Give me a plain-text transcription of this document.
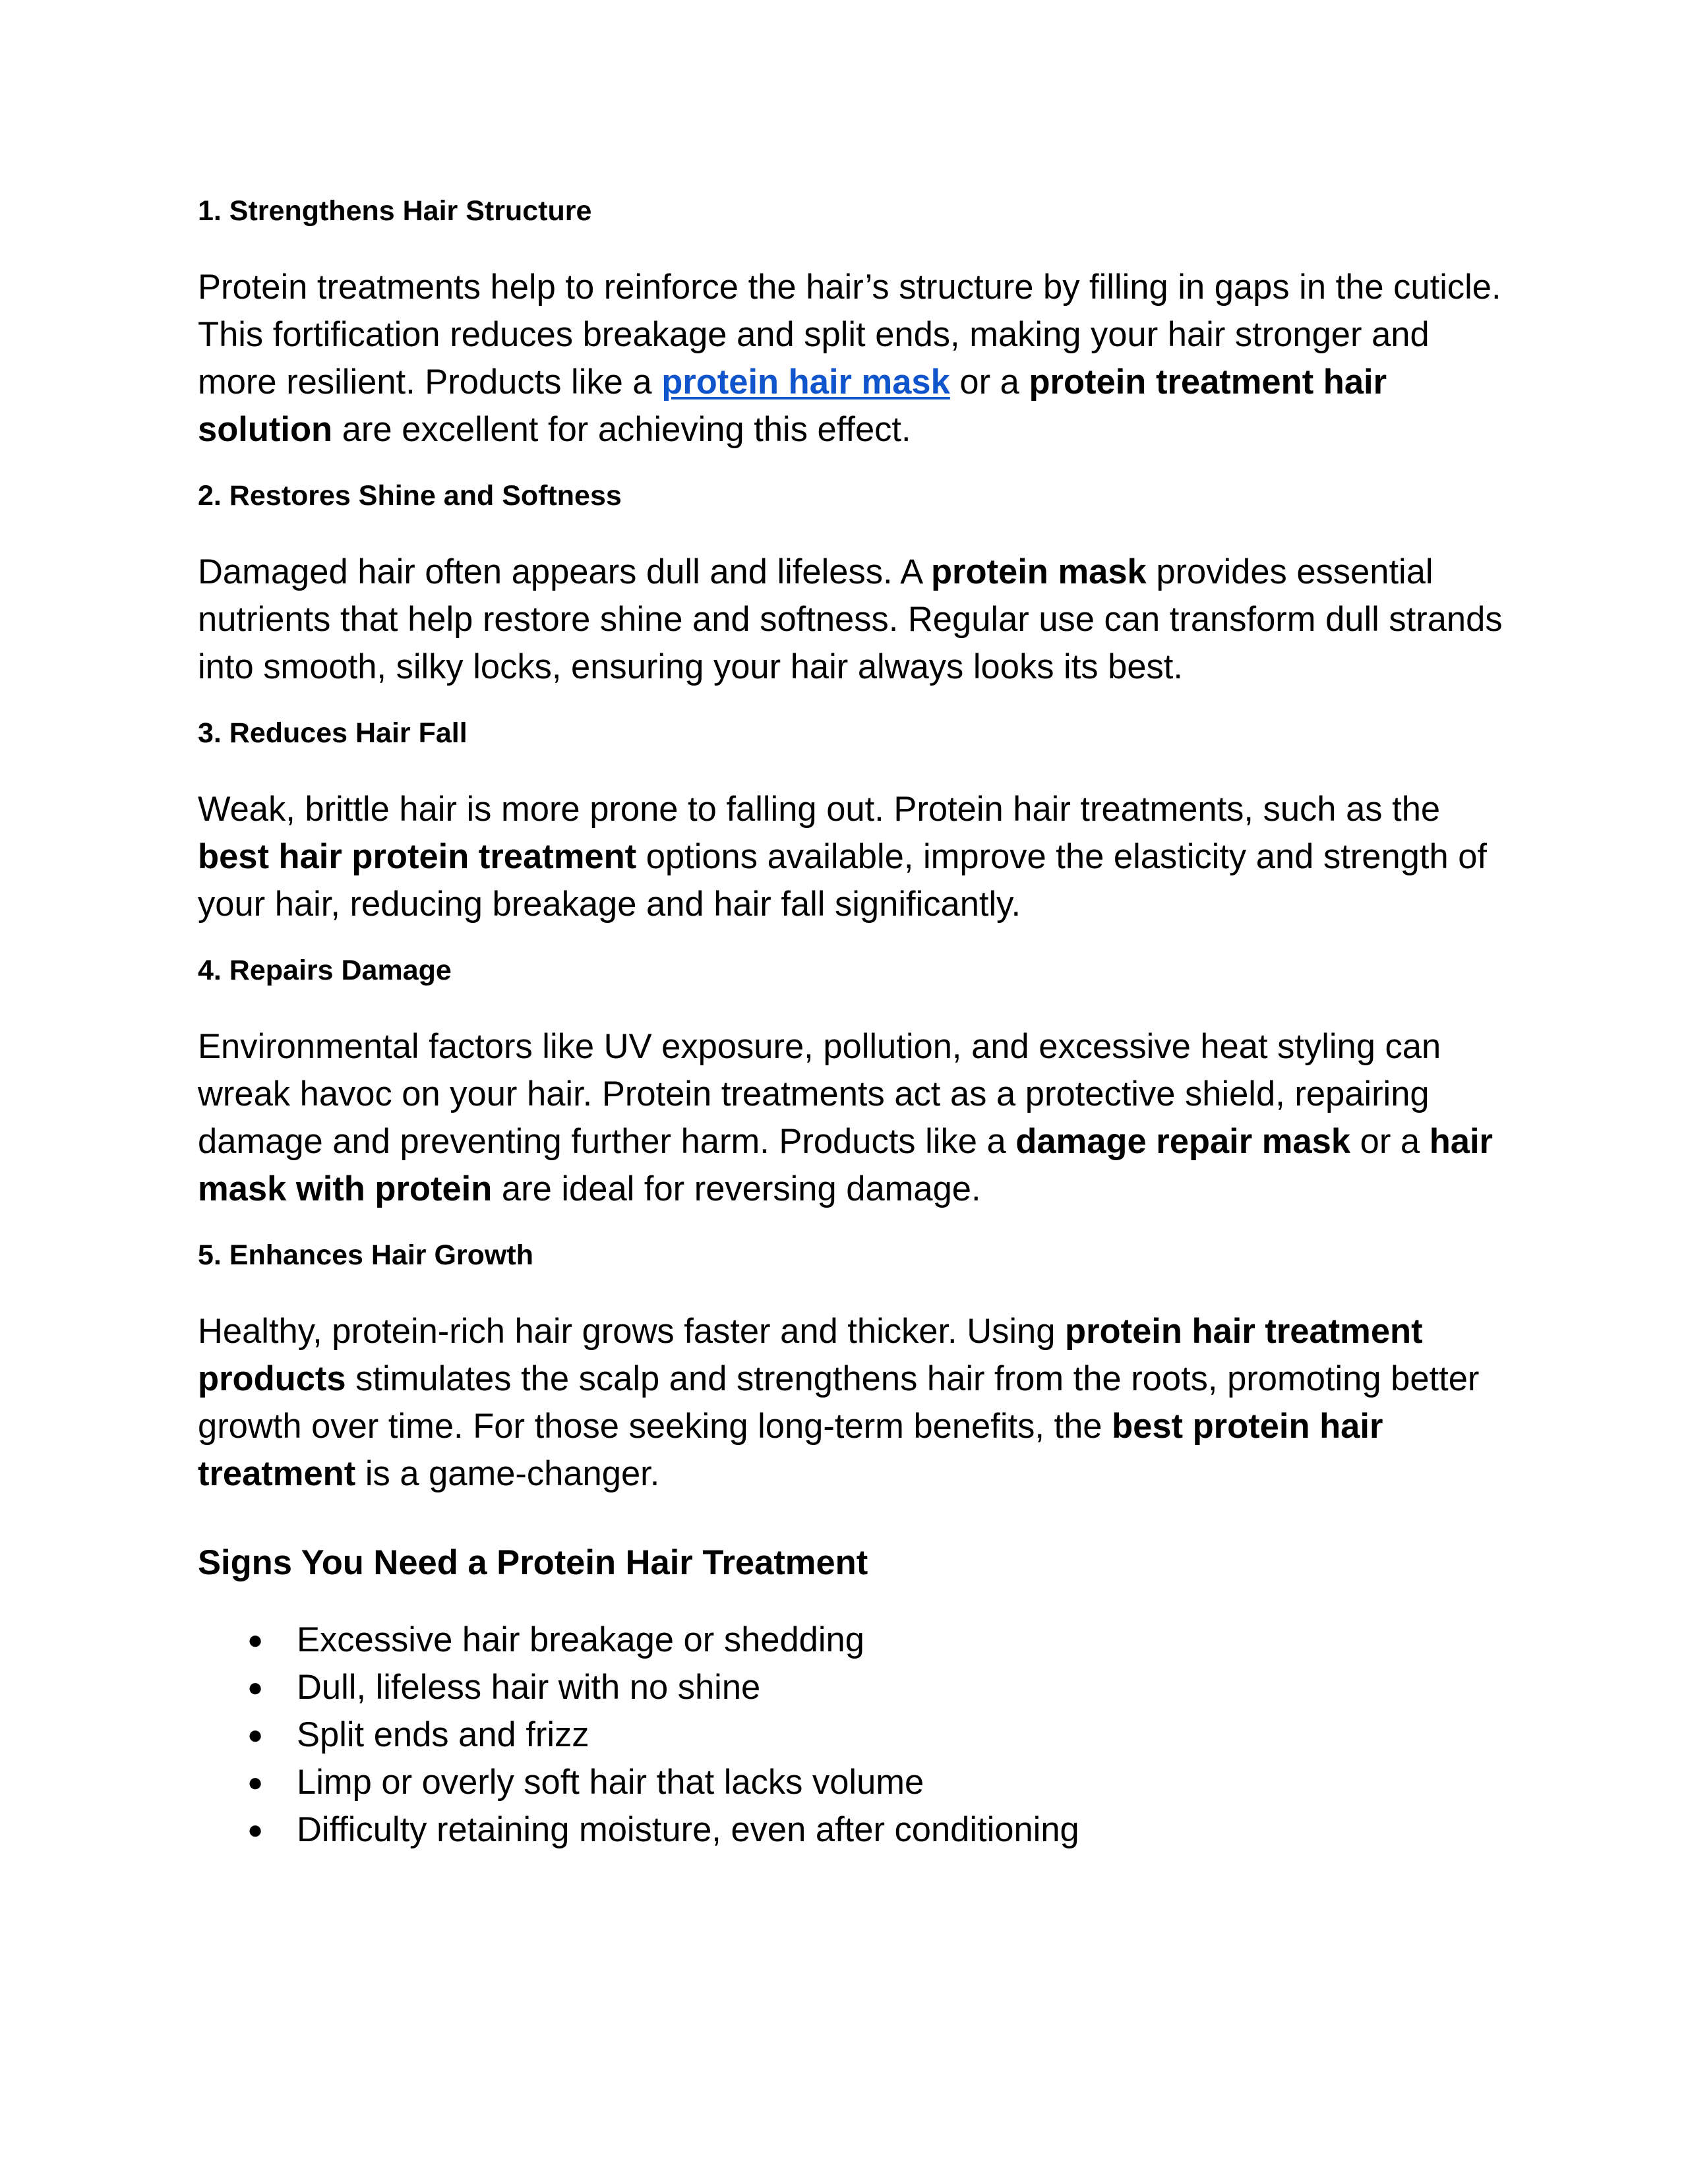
1. Strengthens Hair Structure

Protein treatments help to reinforce the hair’s structure by filling in gaps in the cuticle. This fortification reduces breakage and split ends, making your hair stronger and more resilient. Products like a protein hair mask or a protein treatment hair solution are excellent for achieving this effect.

2. Restores Shine and Softness

Damaged hair often appears dull and lifeless. A protein mask provides essential nutrients that help restore shine and softness. Regular use can transform dull strands into smooth, silky locks, ensuring your hair always looks its best.

3. Reduces Hair Fall

Weak, brittle hair is more prone to falling out. Protein hair treatments, such as the best hair protein treatment options available, improve the elasticity and strength of your hair, reducing breakage and hair fall significantly.

4. Repairs Damage

Environmental factors like UV exposure, pollution, and excessive heat styling can wreak havoc on your hair. Protein treatments act as a protective shield, repairing damage and preventing further harm. Products like a damage repair mask or a hair mask with protein are ideal for reversing damage.

5. Enhances Hair Growth

Healthy, protein-rich hair grows faster and thicker. Using protein hair treatment products stimulates the scalp and strengthens hair from the roots, promoting better growth over time. For those seeking long-term benefits, the best protein hair treatment is a game-changer.

Signs You Need a Protein Hair Treatment
● Excessive hair breakage or shedding
● Dull, lifeless hair with no shine
● Split ends and frizz
● Limp or overly soft hair that lacks volume
● Difficulty retaining moisture, even after conditioning
